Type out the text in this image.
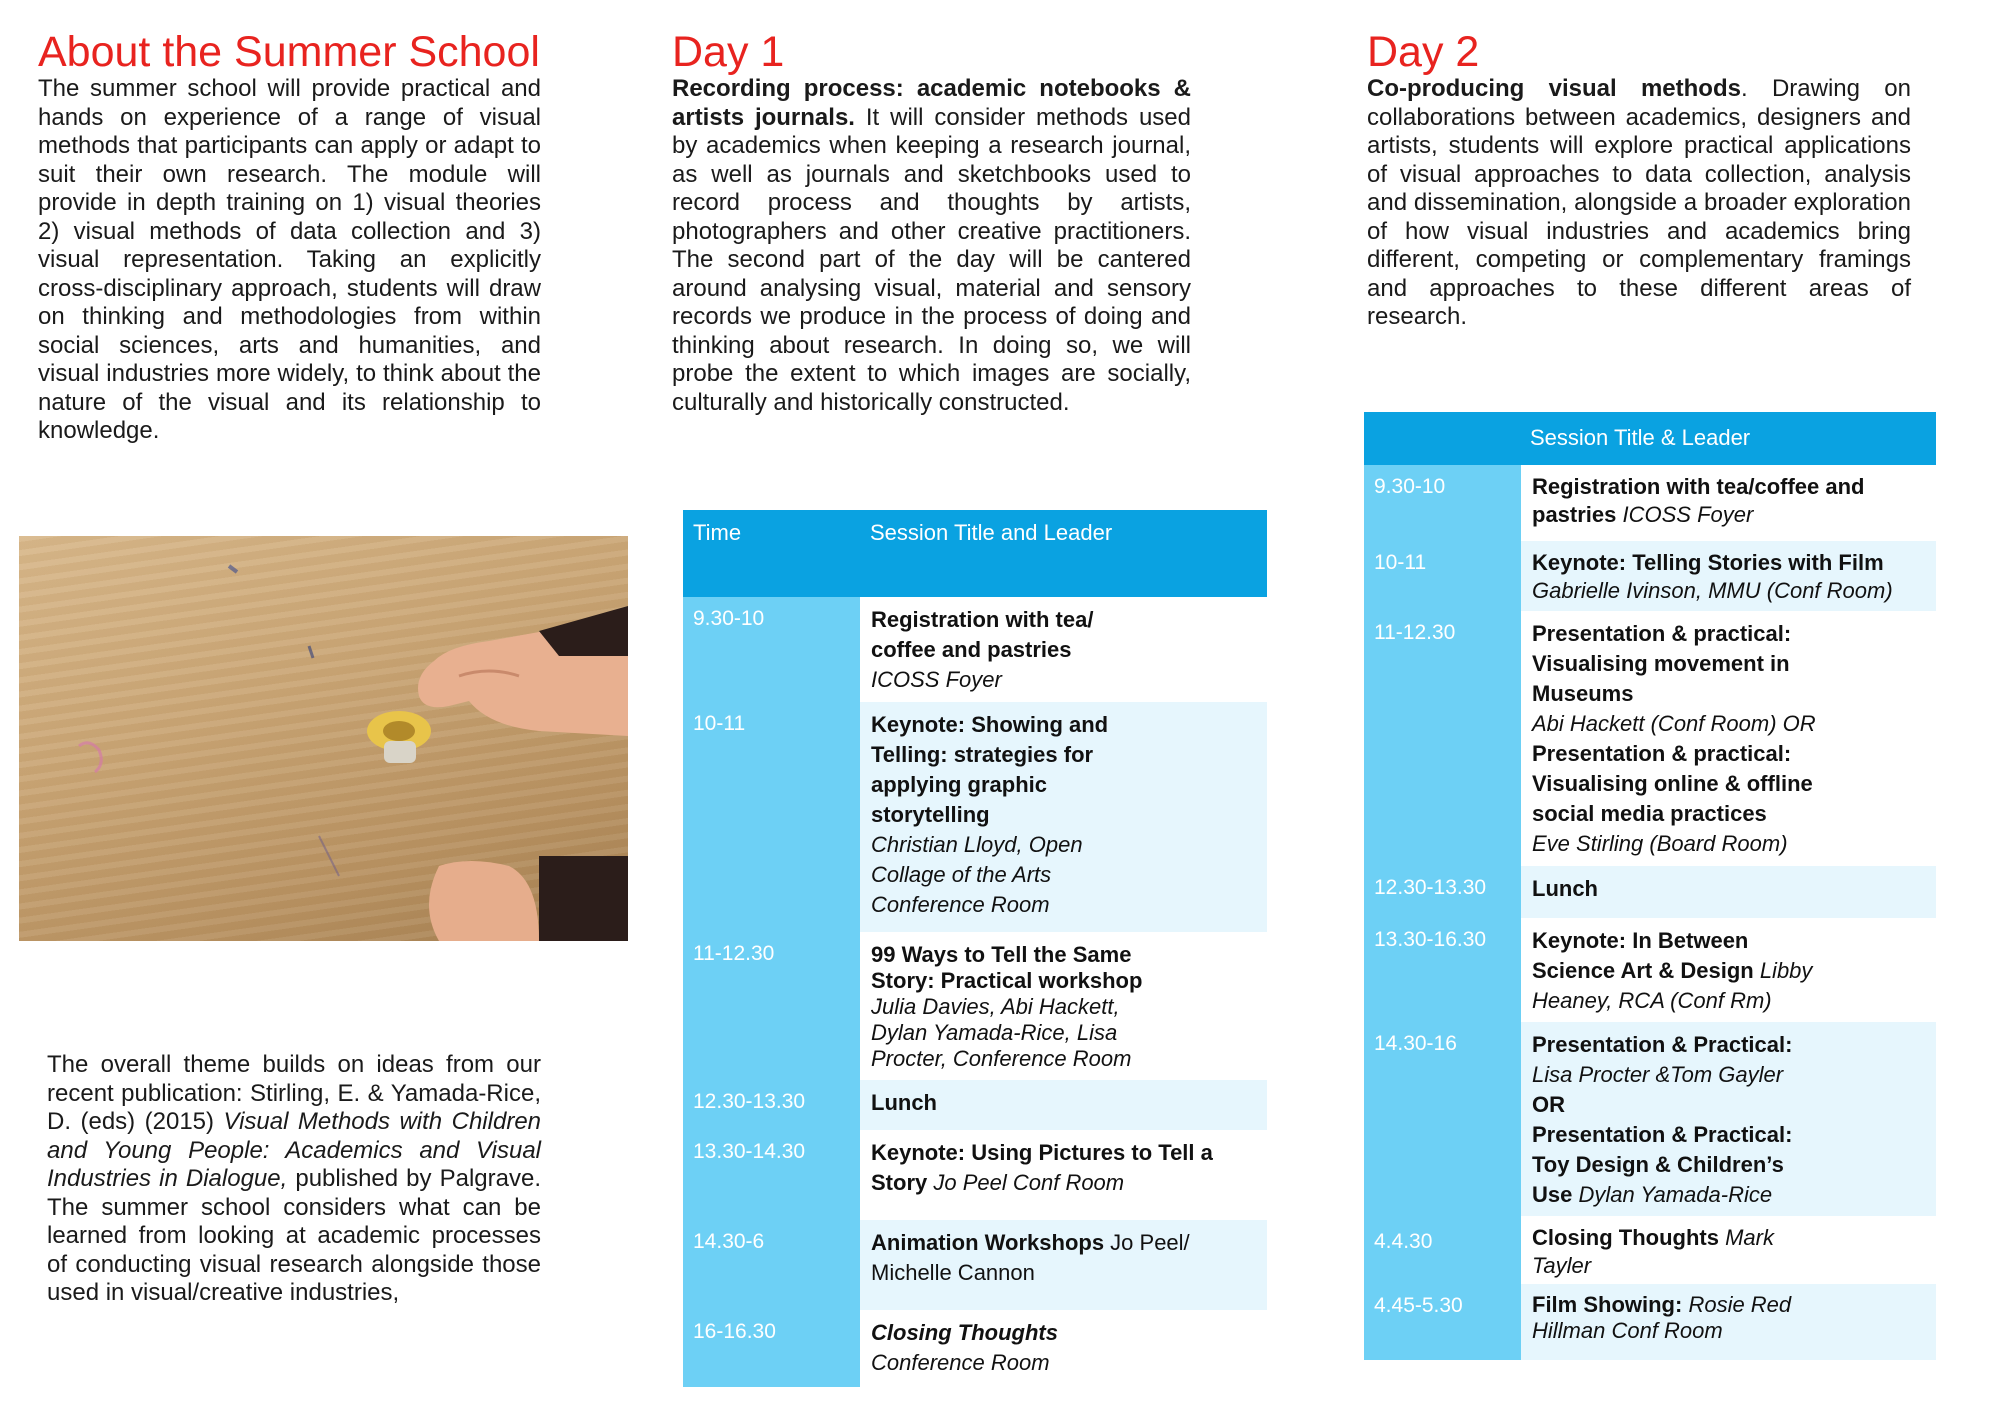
About the Summer School
The summer school will provide practical and hands on experience of a range of visual methods that participants can apply or adapt to suit their own research. The module will provide in depth training on 1) visual theories 2) visual methods of data collection and 3) visual representation. Taking an explicitly cross-disciplinary approach, students will draw on thinking and methodologies from within social sciences, arts and humanities, and visual industries more widely, to think about the nature of the visual and its relationship to knowledge.
The overall theme builds on ideas from our recent publication: Stirling, E. & Yamada-Rice, D. (eds) (2015) Visual Methods with Children and Young People: Academics and Visual Industries in Dialogue, published by Palgrave. The summer school considers what can be learned from looking at academic processes of conducting visual research alongside those used in visual/creative industries,
Day 1
Recording process: academic notebooks & artists journals. It will consider methods used by academics when keeping a research journal, as well as journals and sketchbooks used to record process and thoughts by artists, photographers and other creative practitioners. The second part of the day will be cantered around analysing visual, material and sensory records we produce in the process of doing and thinking about research. In doing so, we will probe the extent to which images are socially, culturally and historically constructed.
Time	Session Title and Leader
9.30-10	Registration with tea/
coffee and pastries
ICOSS Foyer
10-11	Keynote: Showing and
Telling: strategies for
applying graphic
storytelling
Christian Lloyd, Open
Collage of the Arts
Conference Room
11-12.30	99 Ways to Tell the Same
Story: Practical workshop
Julia Davies, Abi Hackett,
Dylan Yamada-Rice, Lisa
Procter, Conference Room
12.30-13.30	Lunch
13.30-14.30	Keynote: Using Pictures to Tell a
Story Jo Peel Conf Room
14.30-6	Animation Workshops Jo Peel/
Michelle Cannon
16-16.30	Closing Thoughts
Conference Room
Day 2
Co-producing visual methods. Drawing on collaborations between academics, designers and artists, students will explore practical applications of visual approaches to data collection, analysis and dissemination, alongside a broader exploration of how visual industries and academics bring different, competing or complementary framings and approaches to these different areas of research.
Session Title & Leader
9.30-10	Registration with tea/coffee and
pastries ICOSS Foyer
10-11	Keynote: Telling Stories with Film
Gabrielle Ivinson, MMU (Conf Room)
11-12.30	Presentation & practical:
Visualising movement in
Museums
Abi Hackett (Conf Room) OR
Presentation & practical:
Visualising online & offline
social media practices
Eve Stirling (Board Room)
12.30-13.30	Lunch
13.30-16.30	Keynote: In Between
Science Art & Design Libby
Heaney, RCA (Conf Rm)
14.30-16	Presentation & Practical:
Lisa Procter &Tom Gayler
OR
Presentation & Practical:
Toy Design & Children’s
Use Dylan Yamada-Rice
4.4.30	Closing Thoughts Mark
Tayler
4.45-5.30	Film Showing: Rosie Red
Hillman Conf Room
